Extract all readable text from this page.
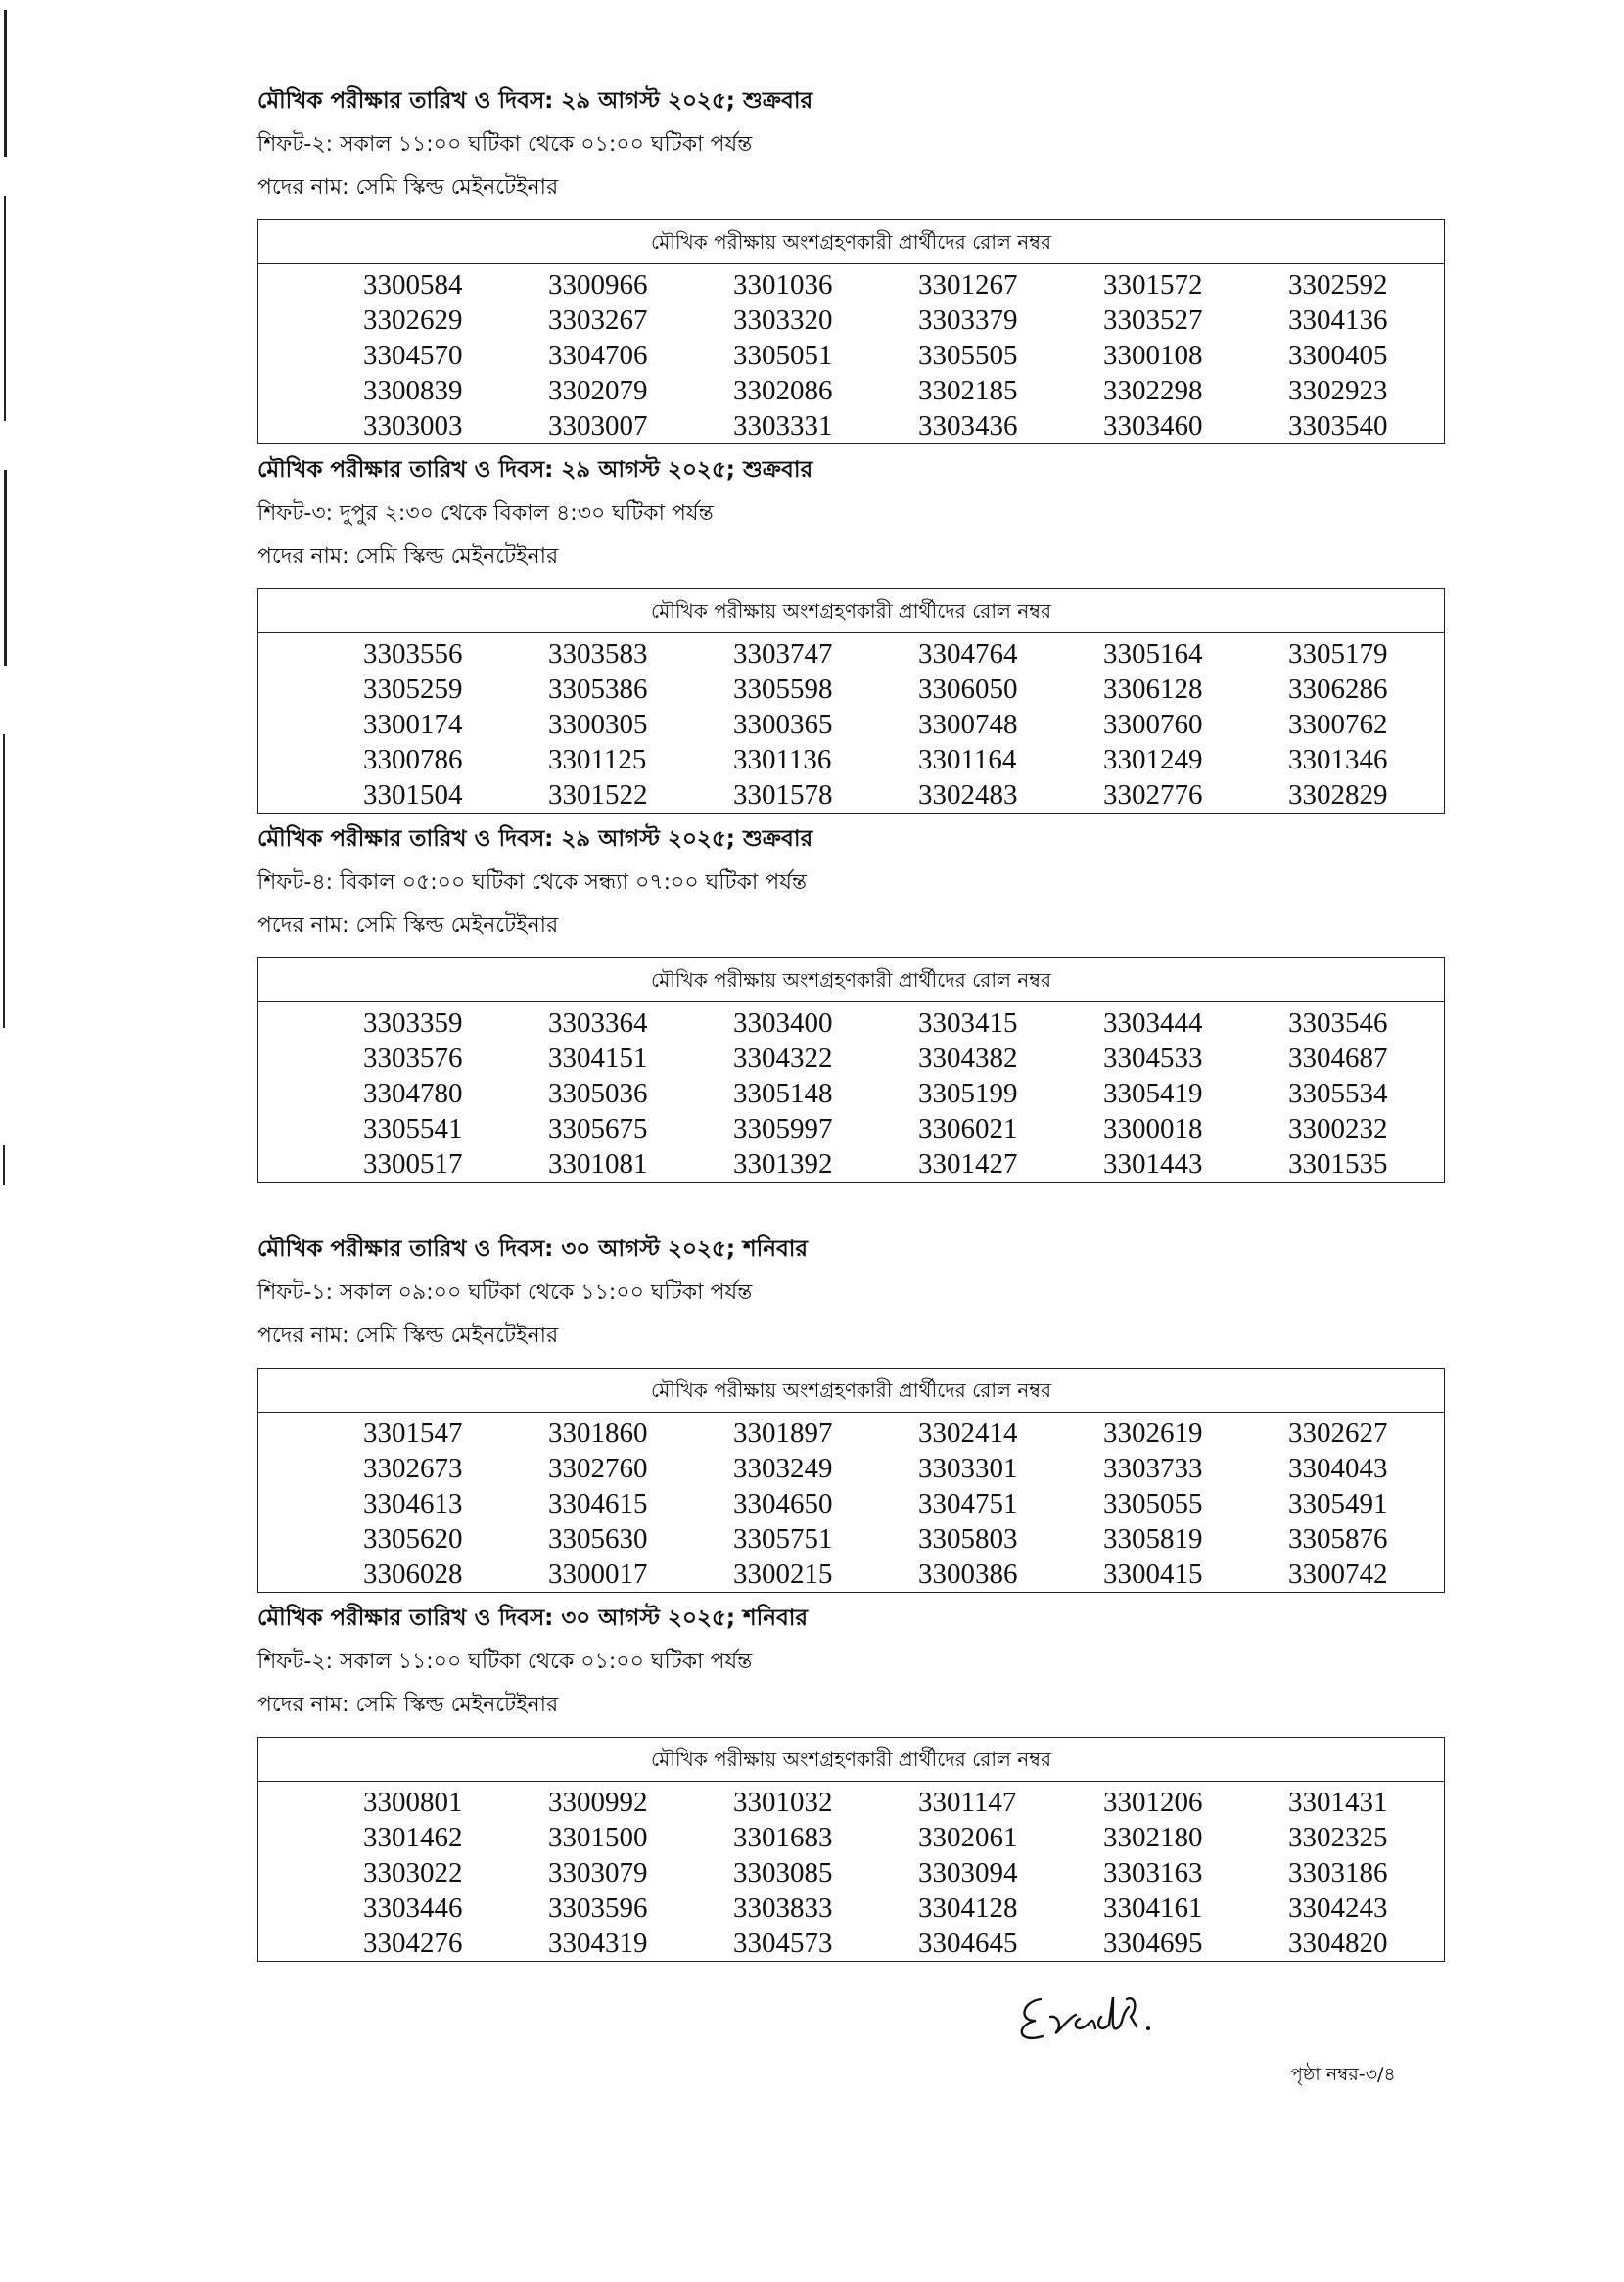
মৌখিক পরীক্ষার তারিখ ও দিবস: ২৯ আগস্ট ২০২৫; শুক্রবার
শিফট-২: সকাল ১১:০০ ঘটিকা থেকে ০১:০০ ঘটিকা পর্যন্ত
পদের নাম: সেমি স্কিল্ড মেইনটেইনার
মৌখিক পরীক্ষায় অংশগ্রহণকারী প্রার্থীদের রোল নম্বর
3300584	3300966	3301036	3301267	3301572	3302592
3302629	3303267	3303320	3303379	3303527	3304136
3304570	3304706	3305051	3305505	3300108	3300405
3300839	3302079	3302086	3302185	3302298	3302923
3303003	3303007	3303331	3303436	3303460	3303540
মৌখিক পরীক্ষার তারিখ ও দিবস: ২৯ আগস্ট ২০২৫; শুক্রবার
শিফট-৩: দুপুর ২:৩০ থেকে বিকাল ৪:৩০ ঘটিকা পর্যন্ত
পদের নাম: সেমি স্কিল্ড মেইনটেইনার
মৌখিক পরীক্ষায় অংশগ্রহণকারী প্রার্থীদের রোল নম্বর
3303556	3303583	3303747	3304764	3305164	3305179
3305259	3305386	3305598	3306050	3306128	3306286
3300174	3300305	3300365	3300748	3300760	3300762
3300786	3301125	3301136	3301164	3301249	3301346
3301504	3301522	3301578	3302483	3302776	3302829
মৌখিক পরীক্ষার তারিখ ও দিবস: ২৯ আগস্ট ২০২৫; শুক্রবার
শিফট-৪: বিকাল ০৫:০০ ঘটিকা থেকে সন্ধ্যা ০৭:০০ ঘটিকা পর্যন্ত
পদের নাম: সেমি স্কিল্ড মেইনটেইনার
মৌখিক পরীক্ষায় অংশগ্রহণকারী প্রার্থীদের রোল নম্বর
3303359	3303364	3303400	3303415	3303444	3303546
3303576	3304151	3304322	3304382	3304533	3304687
3304780	3305036	3305148	3305199	3305419	3305534
3305541	3305675	3305997	3306021	3300018	3300232
3300517	3301081	3301392	3301427	3301443	3301535
মৌখিক পরীক্ষার তারিখ ও দিবস: ৩০ আগস্ট ২০২৫; শনিবার
শিফট-১: সকাল ০৯:০০ ঘটিকা থেকে ১১:০০ ঘটিকা পর্যন্ত
পদের নাম: সেমি স্কিল্ড মেইনটেইনার
মৌখিক পরীক্ষায় অংশগ্রহণকারী প্রার্থীদের রোল নম্বর
3301547	3301860	3301897	3302414	3302619	3302627
3302673	3302760	3303249	3303301	3303733	3304043
3304613	3304615	3304650	3304751	3305055	3305491
3305620	3305630	3305751	3305803	3305819	3305876
3306028	3300017	3300215	3300386	3300415	3300742
মৌখিক পরীক্ষার তারিখ ও দিবস: ৩০ আগস্ট ২০২৫; শনিবার
শিফট-২: সকাল ১১:০০ ঘটিকা থেকে ০১:০০ ঘটিকা পর্যন্ত
পদের নাম: সেমি স্কিল্ড মেইনটেইনার
মৌখিক পরীক্ষায় অংশগ্রহণকারী প্রার্থীদের রোল নম্বর
3300801	3300992	3301032	3301147	3301206	3301431
3301462	3301500	3301683	3302061	3302180	3302325
3303022	3303079	3303085	3303094	3303163	3303186
3303446	3303596	3303833	3304128	3304161	3304243
3304276	3304319	3304573	3304645	3304695	3304820
পৃষ্ঠা নম্বর-৩/৪
